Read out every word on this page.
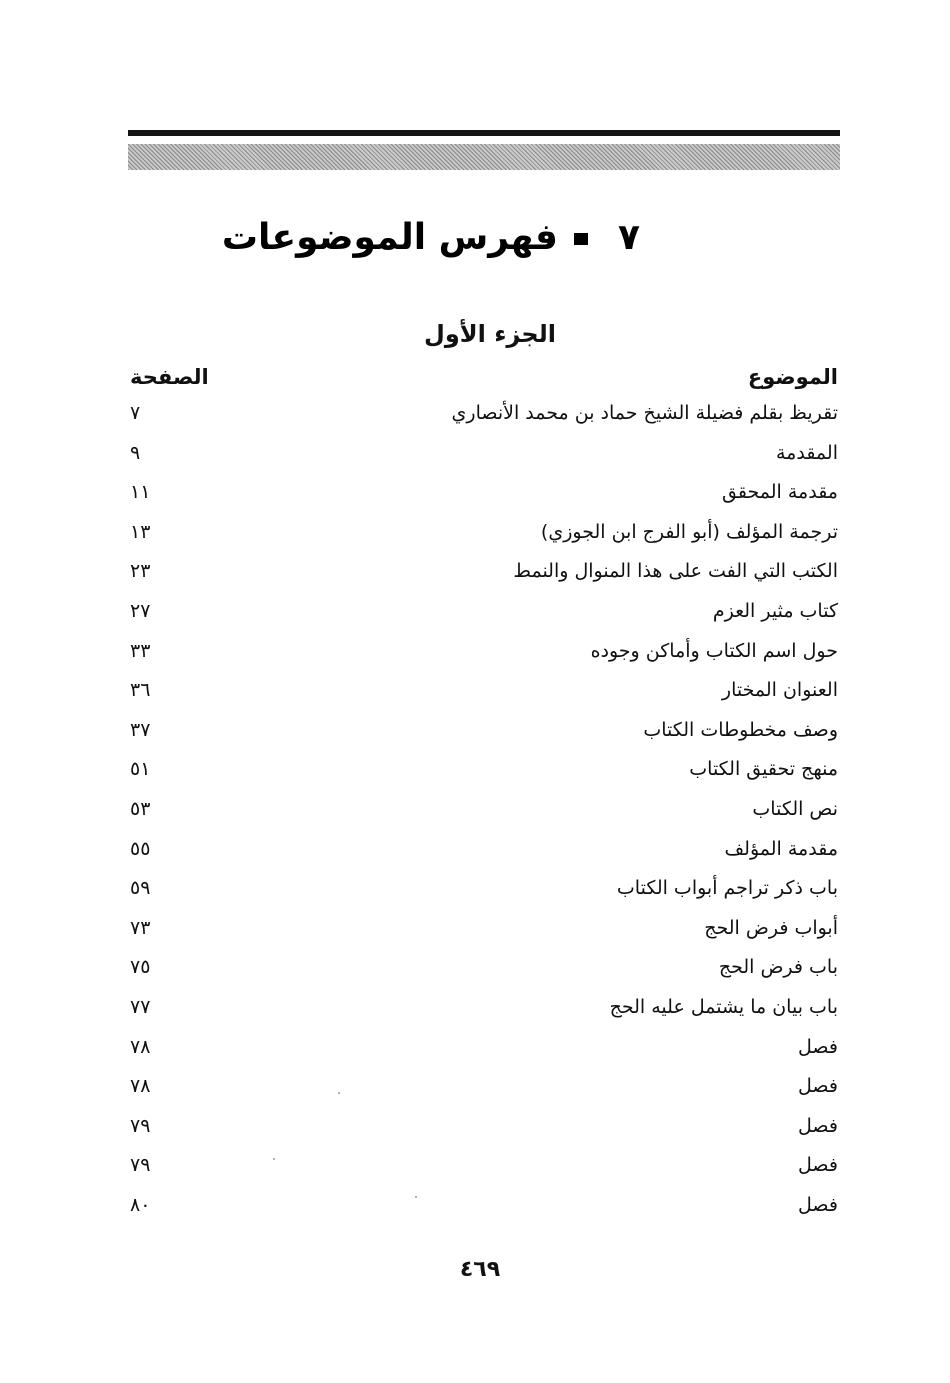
٧فهرس الموضوعات
الجزء الأول
الموضوع
الصفحة
تقريظ بقلم فضيلة الشيخ حماد بن محمد الأنصاري
٧
المقدمة
٩
مقدمة المحقق
١١
ترجمة المؤلف (أبو الفرج ابن الجوزي)
١٣
الكتب التي الفت على هذا المنوال والنمط
٢٣
كتاب مثير العزم
٢٧
حول اسم الكتاب وأماكن وجوده
٣٣
العنوان المختار
٣٦
وصف مخطوطات الكتاب
٣٧
منهج تحقيق الكتاب
٥١
نص الكتاب
٥٣
مقدمة المؤلف
٥٥
باب ذكر تراجم أبواب الكتاب
٥٩
أبواب فرض الحج
٧٣
باب فرض الحج
٧٥
باب بيان ما يشتمل عليه الحج
٧٧
فصل
٧٨
فصل
٧٨
فصل
٧٩
فصل
٧٩
فصل
٨٠
٤٦٩
